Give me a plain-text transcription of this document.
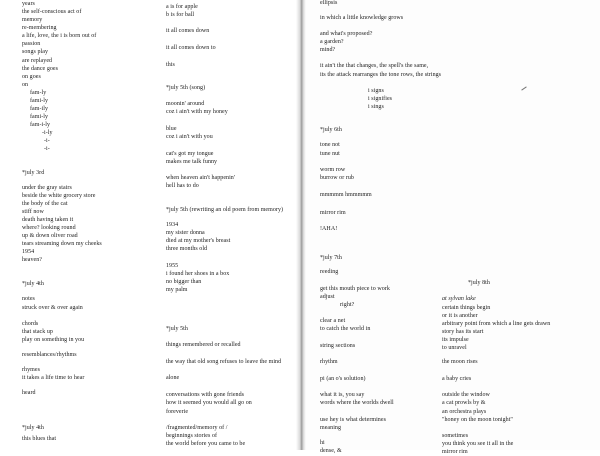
years
the self-conscious act of
memory
re-membering
a life, love, the i is born out of
passion
songs play
are replayed
the dance goes
on goes
on
fam-ly
fami-ly
fam-ily
fami-ly
fam-i-ly
-i-ly
-i-
-i-
*july 3rd
under the gray stairs
beside the white grocery store
the body of the cat
stiff now
death having taken it
where? looking round
up & down oliver road
tears streaming down my cheeks
1954
heaven?
*july 4th
notes
struck over & over again
chords
that stack up
play on something in you
resemblances/rhythms
rhymes
it takes a life time to hear
heard
*july 4th
this blues that
a is for apple
b is for ball
it all comes down
it all comes down to
this
*july 5th (song)
moonin' around
coz i ain't with my honey
blue
coz i ain't with you
cat's got my tongue
makes me talk funny
when heaven ain't happenin'
hell has to do
*july 5th (rewriting an old poem from memory)
1934
my sister donna
died at my mother's breast
three months old
1955
i found her shoes in a box
no bigger than
my palm
*july 5th
things remembered or recalled
the way that old song refuses to leave the mind
alone
conversations with gone friends
how it seemed you would all go on
foreverie
/fragmented/memory of /
beginnings stories of
the world before you came to be
ellipsis
in which a little knowledge grows
and what's proposed?
a garden?
mind?
it ain't the that changes, the spell's the same,
its the attack rearranges the tone rows, the strings
i signs
i signifies
i sings
*july 6th
tone not
tune nut
worm row
burrow or rub
mmmmm hmmmmm
mirror rim
!AHA!
*july 7th
reeding
get this mouth piece to work
adjust
right?
clear a net
to catch the world in
string sections
rhythm
pi (an o's solution)
what it is, you say
words where the worlds dwell
use hey is what determines
meaning
hi
dense, &
*july 8th
at sylvan lake
certain things begin
or it is another
arbitrary point from which a line gets drawn
story has its start
its impulse
to unravel
the moon rises
a baby cries
outside the window
a cat prowls by &
an orchestra plays
"honey on the moon tonight"
sometimes
you think you see it all in the
mirror rim
